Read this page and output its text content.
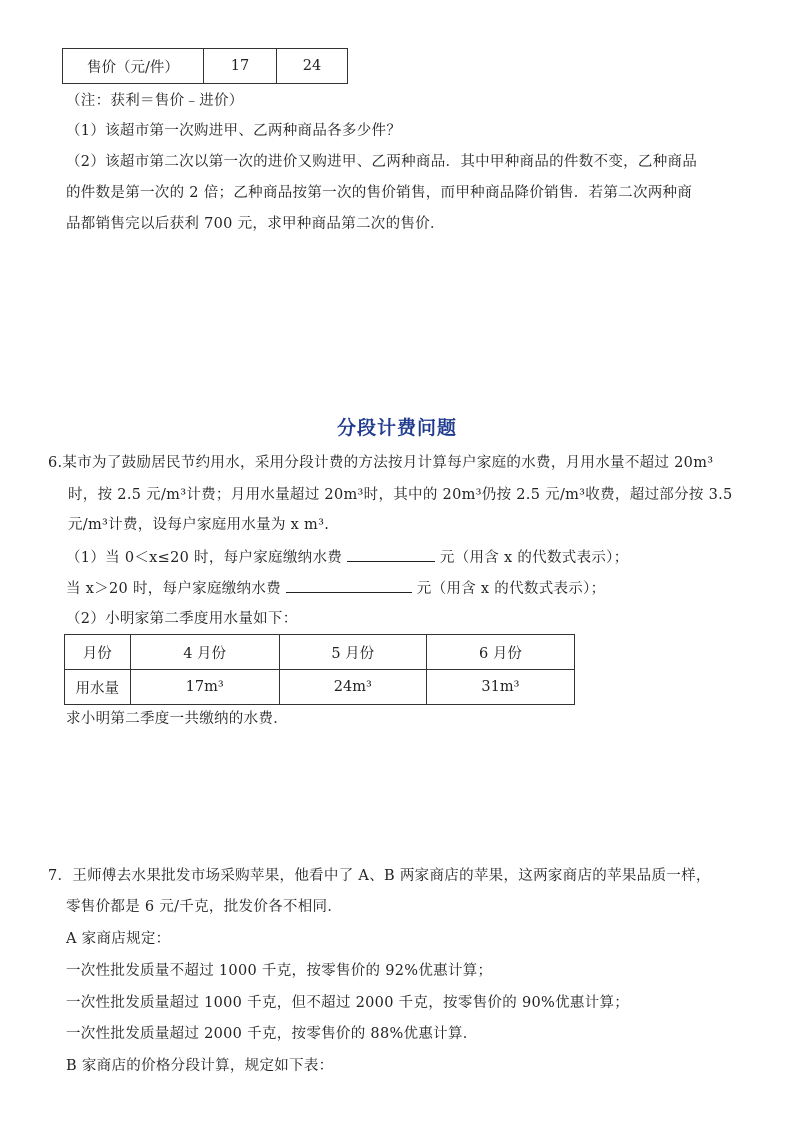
售价（元/件）	17	24
（注：获利＝售价﹣进价）
（1）该超市第一次购进甲、乙两种商品各多少件？
（2）该超市第二次以第一次的进价又购进甲、乙两种商品．其中甲种商品的件数不变，乙种商品
的件数是第一次的 2 倍；乙种商品按第一次的售价销售，而甲种商品降价销售．若第二次两种商
品都销售完以后获利 700 元，求甲种商品第二次的售价．
分段计费问题
6.某市为了鼓励居民节约用水，采用分段计费的方法按月计算每户家庭的水费，月用水量不超过 20m³
时，按 2.5 元/m³计费；月用水量超过 20m³时，其中的 20m³仍按 2.5 元/m³收费，超过部分按 3.5
元/m³计费，设每户家庭用水量为 x m³.
（1）当 0＜x≤20 时，每户家庭缴纳水费	元（用含 x 的代数式表示）；
当 x＞20 时，每户家庭缴纳水费	元（用含 x 的代数式表示）；
（2）小明家第二季度用水量如下：
月份	4 月份	5 月份	6 月份
用水量	17m³	24m³	31m³
求小明第二季度一共缴纳的水费．
7．王师傅去水果批发市场采购苹果，他看中了 A、B 两家商店的苹果，这两家商店的苹果品质一样，
零售价都是 6 元/千克，批发价各不相同．
A 家商店规定：
一次性批发质量不超过 1000 千克，按零售价的 92%优惠计算；
一次性批发质量超过 1000 千克，但不超过 2000 千克，按零售价的 90%优惠计算；
一次性批发质量超过 2000 千克，按零售价的 88%优惠计算．
B 家商店的价格分段计算，规定如下表：
